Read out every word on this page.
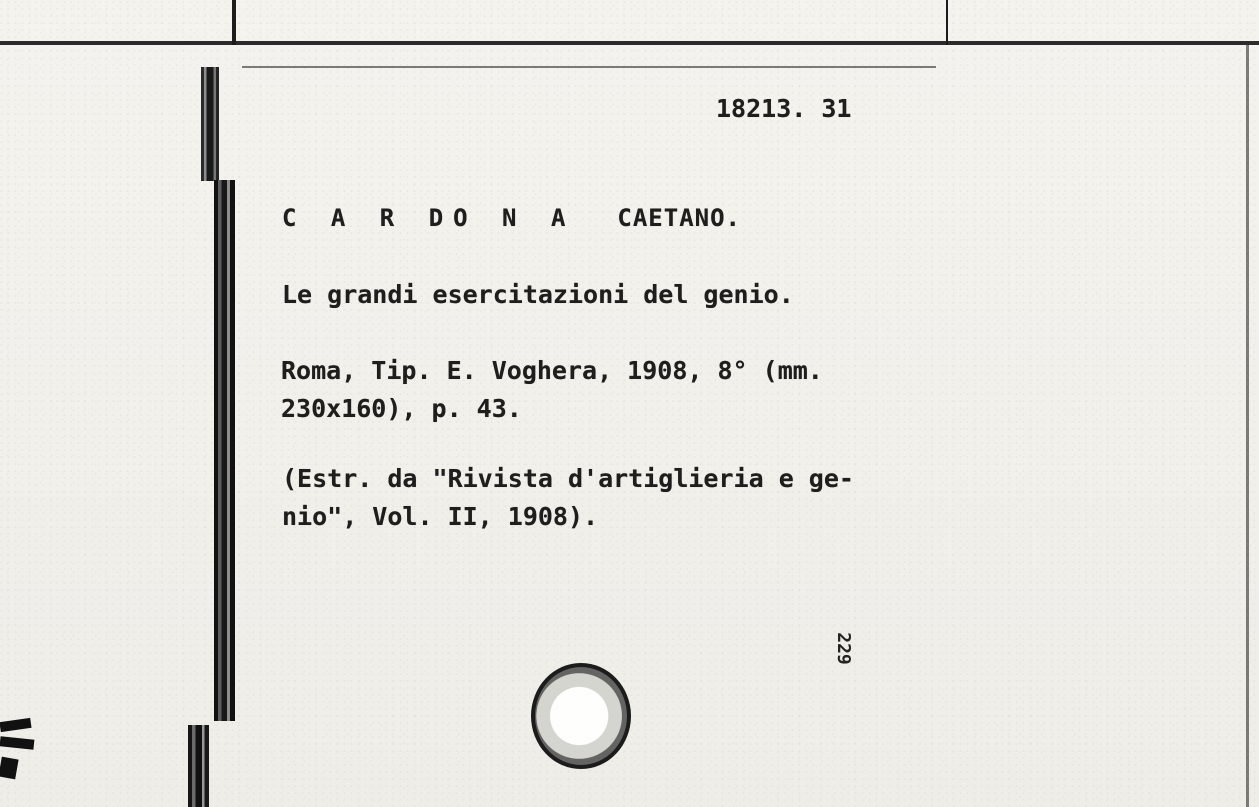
18213. 31

C A R DO N A CAETANO.

Le grandi esercitazioni del genio.

Roma, Tip. E. Voghera, 1908, 8° (mm.
230x160), p. 43.
(Estr. da "Rivista d'artiglieria e ge-
nio", Vol. II, 1908).
229
